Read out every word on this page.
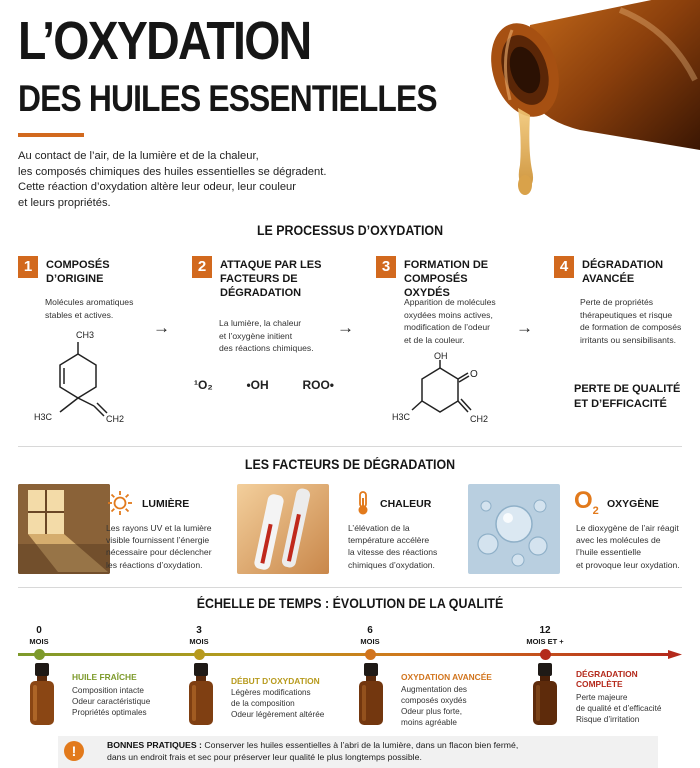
L’OXYDATION
DES HUILES ESSENTIELLES

Au contact de l’air, de la lumière et de la chaleur,

les composés chimiques des huiles essentielles se dégradent.

Cette réaction d’oxydation altère leur odeur, leur couleur

et leurs propriétés.

LE PROCESSUS D’OXYDATION
1	COMPOSÉS D’ORIGINE
Molécules aromatiques
stables et actives.
2	ATTAQUE PAR LES FACTEURS DE DÉGRADATION
La lumière, la chaleur
et l’oxygène initient
des réactions chimiques.
3	FORMATION DE COMPOSÉS OXYDÉS
Apparition de molécules
oxydées moins actives,
modification de l’odeur
et de la couleur.
4	DÉGRADATION AVANCÉE
Perte de propriétés
thérapeutiques et risque
de formation de composés
irritants ou sensibilisants.
→	→	→
CH3
H3C	CH2
¹O₂	•OH	ROO•
OH
O
H3C	CH2
PERTE DE QUALITÉ
ET D’EFFICACITÉ
LES FACTEURS DE DÉGRADATION
LUMIÈRE
Les rayons UV et la lumière
visible fournissent l’énergie
nécessaire pour déclencher
les réactions d’oxydation.
CHALEUR
L’élévation de la
température accélère
la vitesse des réactions
chimiques d’oxydation.
$O_2$
OXYGÈNE
Le dioxygène de l’air réagit
avec les molécules de
l’huile essentielle
et provoque leur oxydation.
ÉCHELLE DE TEMPS : ÉVOLUTION DE LA QUALITÉ
0
MOIS
3
MOIS
6
MOIS
12
MOIS ET +
HUILE FRAÎCHE
Composition intacte
Odeur caractéristique
Propriétés optimales
DÉBUT D’OXYDATION
Légères modifications
de la composition
Odeur légèrement altérée
OXYDATION AVANCÉE
Augmentation des
composés oxydés
Odeur plus forte,
moins agréable
DÉGRADATION COMPLÈTE
Perte majeure
de qualité et d’efficacité
Risque d’irritation
!	BONNES PRATIQUES : Conserver les huiles essentielles à l’abri de la lumière, dans un flacon bien fermé,
dans un endroit frais et sec pour préserver leur qualité le plus longtemps possible.
